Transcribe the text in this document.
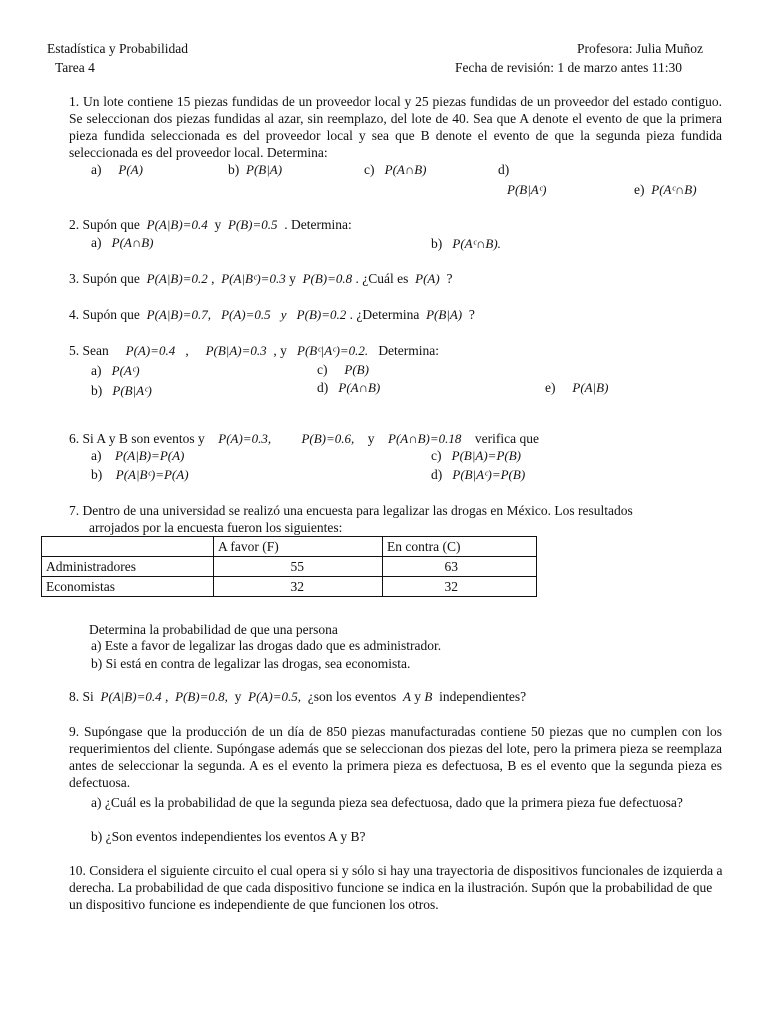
Estadística y Probabilidad
Tarea 4
Profesora: Julia Muñoz
Fecha de revisión: 1 de marzo antes 11:30
1. Un lote contiene 15 piezas fundidas de un proveedor local y 25 piezas fundidas de un proveedor del estado contiguo. Se seleccionan dos piezas fundidas al azar, sin reemplazo, del lote de 40. Sea que A denote el evento de que la primera pieza fundida seleccionada es del proveedor local y sea que B denote el evento de que la segunda pieza fundida seleccionada es del proveedor local. Determina:
a) P(A)	b) P(B|A)	c) P(A∩B)	d)
P(B|Aᶜ)	e) P(Aᶜ∩B)
2. Supón que P(A|B)=0.4 y P(B)=0.5 . Determina:
a) P(A∩B)	b) P(Aᶜ∩B).
3. Supón que P(A|B)=0.2 , P(A|Bᶜ)=0.3 y P(B)=0.8 . ¿Cuál es P(A) ?
4. Supón que P(A|B)=0.7, P(A)=0.5 y P(B)=0.2 . ¿Determina P(B|A) ?
5. Sean P(A)=0.4 , P(B|A)=0.3 , y P(Bᶜ|Aᶜ)=0.2. Determina:
a) P(Aᶜ)
b) P(B|Aᶜ)
c) P(B)
d) P(A∩B)	e) P(A|B)
6. Si A y B son eventos y P(A)=0.3, P(B)=0.6, y P(A∩B)=0.18 verifica que
a) P(A|B)=P(A)
b) P(A|Bᶜ)=P(A)
c) P(B|A)=P(B)
d) P(B|Aᶜ)=P(B)
7. Dentro de una universidad se realizó una encuesta para legalizar las drogas en México. Los resultados
arrojados por la encuesta fueron los siguientes:
	A favor (F)	En contra (C)
Administradores	55	63
Economistas	32	32
Determina la probabilidad de que una persona
a) Este a favor de legalizar las drogas dado que es administrador.
b) Si está en contra de legalizar las drogas, sea economista.
8. Si P(A|B)=0.4 , P(B)=0.8, y P(A)=0.5, ¿son los eventos A y B independientes?
9. Supóngase que la producción de un día de 850 piezas manufacturadas contiene 50 piezas que no cumplen con los requerimientos del cliente. Supóngase además que se seleccionan dos piezas del lote, pero la primera pieza se reemplaza antes de seleccionar la segunda. A es el evento la primera pieza es defectuosa, B es el evento que la segunda pieza es defectuosa.
a) ¿Cuál es la probabilidad de que la segunda pieza sea defectuosa, dado que la primera pieza fue defectuosa?
b) ¿Son eventos independientes los eventos A y B?
10. Considera el siguiente circuito el cual opera si y sólo si hay una trayectoria de dispositivos funcionales de izquierda a derecha. La probabilidad de que cada dispositivo funcione se indica en la ilustración. Supón que la probabilidad de que un dispositivo funcione es independiente de que funcionen los otros.
